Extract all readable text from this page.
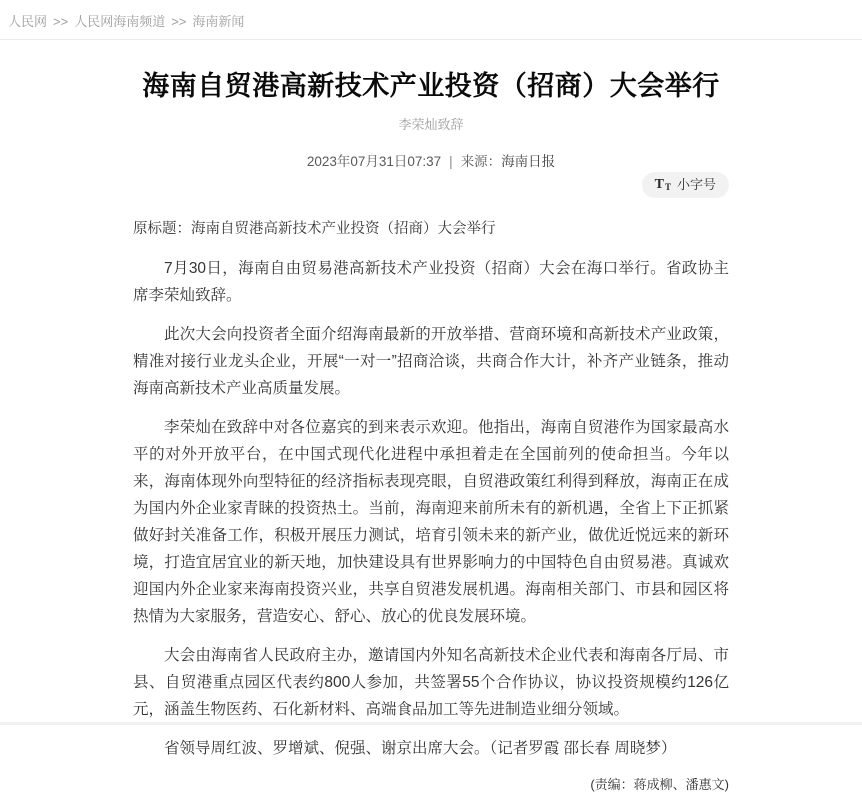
人民网 >> 人民网海南频道 >> 海南新闻
海南自贸港高新技术产业投资（招商）大会举行
李荣灿致辞
2023年07月31日07:37 | 来源：海南日报
T T 小字号

原标题：海南自贸港高新技术产业投资（招商）大会举行

7月30日，海南自由贸易港高新技术产业投资（招商）大会在海口举行。省政协主席李荣灿致辞。

此次大会向投资者全面介绍海南最新的开放举措、营商环境和高新技术产业政策，精准对接行业龙头企业，开展“一对一”招商洽谈，共商合作大计，补齐产业链条，推动海南高新技术产业高质量发展。

李荣灿在致辞中对各位嘉宾的到来表示欢迎。他指出，海南自贸港作为国家最高水平的对外开放平台，在中国式现代化进程中承担着走在全国前列的使命担当。今年以来，海南体现外向型特征的经济指标表现亮眼，自贸港政策红利得到释放，海南正在成为国内外企业家青睐的投资热土。当前，海南迎来前所未有的新机遇，全省上下正抓紧做好封关准备工作，积极开展压力测试，培育引领未来的新产业，做优近悦远来的新环境，打造宜居宜业的新天地，加快建设具有世界影响力的中国特色自由贸易港。真诚欢迎国内外企业家来海南投资兴业，共享自贸港发展机遇。海南相关部门、市县和园区将热情为大家服务，营造安心、舒心、放心的优良发展环境。

大会由海南省人民政府主办，邀请国内外知名高新技术企业代表和海南各厅局、市县、自贸港重点园区代表约800人参加，共签署55个合作协议，协议投资规模约126亿元，涵盖生物医药、石化新材料、高端食品加工等先进制造业细分领域。

省领导周红波、罗增斌、倪强、谢京出席大会。（记者罗霞 邵长春 周晓梦）

(责编：蒋成柳、潘惠文)
